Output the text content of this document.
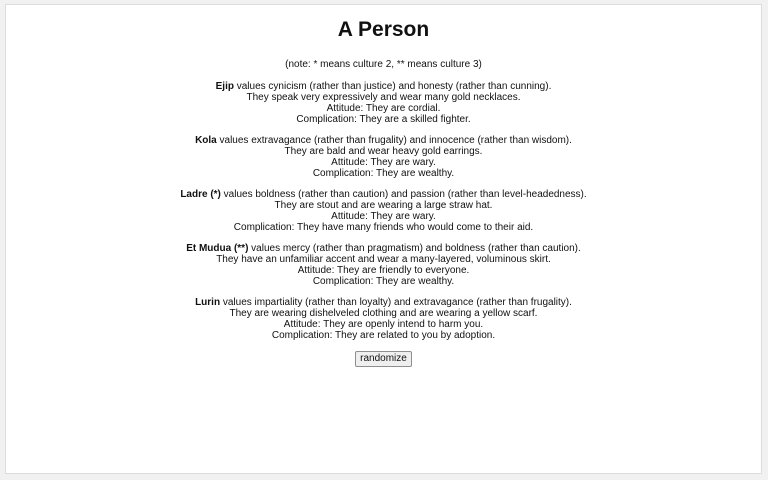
A Person
(note: * means culture 2, ** means culture 3)
Ejip values cynicism (rather than justice) and honesty (rather than cunning).
They speak very expressively and wear many gold necklaces.
Attitude: They are cordial.
Complication: They are a skilled fighter.
Kola values extravagance (rather than frugality) and innocence (rather than wisdom).
They are bald and wear heavy gold earrings.
Attitude: They are wary.
Complication: They are wealthy.
Ladre (*) values boldness (rather than caution) and passion (rather than level-headedness).
They are stout and are wearing a large straw hat.
Attitude: They are wary.
Complication: They have many friends who would come to their aid.
Et Mudua (**) values mercy (rather than pragmatism) and boldness (rather than caution).
They have an unfamiliar accent and wear a many-layered, voluminous skirt.
Attitude: They are friendly to everyone.
Complication: They are wealthy.
Lurin values impartiality (rather than loyalty) and extravagance (rather than frugality).
They are wearing dishelveled clothing and are wearing a yellow scarf.
Attitude: They are openly intend to harm you.
Complication: They are related to you by adoption.
randomize
